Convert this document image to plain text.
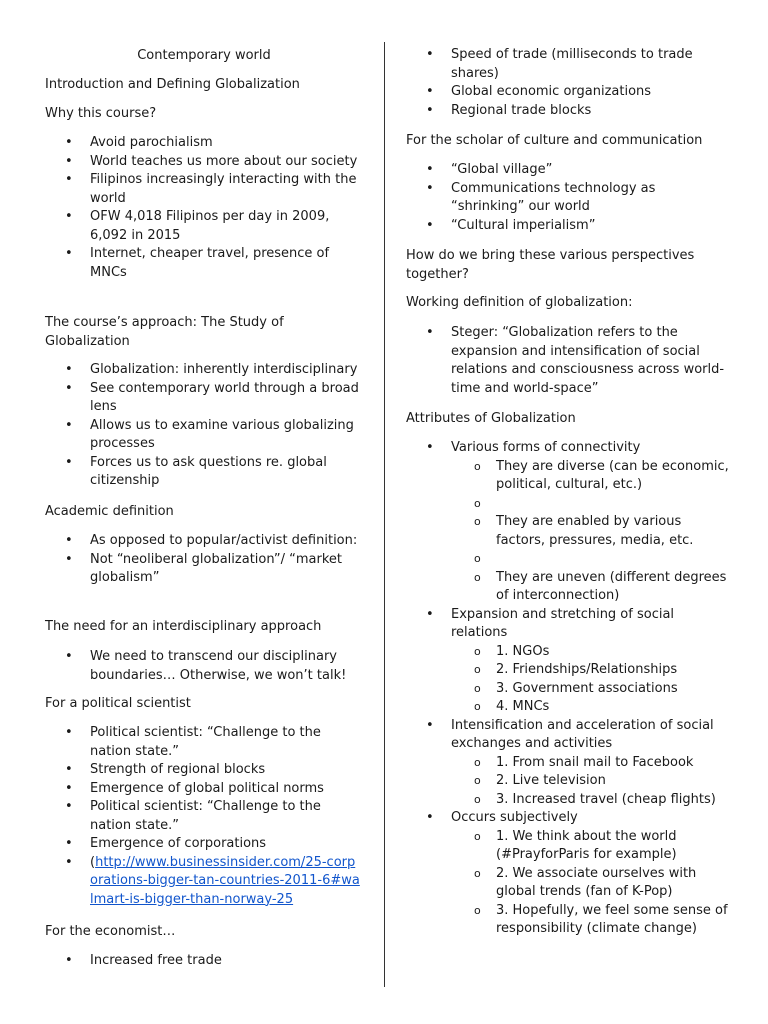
Contemporary world

Introduction and Defining Globalization

Why this course?

• Avoid parochialism
• World teaches us more about our society
• Filipinos increasingly interacting with the world
• OFW 4,018 Filipinos per day in 2009, 6,092 in 2015
• Internet, cheaper travel, presence of MNCs

The course’s approach: The Study of Globalization

• Globalization: inherently interdisciplinary
• See contemporary world through a broad lens
• Allows us to examine various globalizing processes
• Forces us to ask questions re. global citizenship

Academic definition

• As opposed to popular/activist definition:
• Not “neoliberal globalization”/ “market globalism”

The need for an interdisciplinary approach

• We need to transcend our disciplinary boundaries… Otherwise, we won’t talk!

For a political scientist

• Political scientist: “Challenge to the nation state.”
• Strength of regional blocks
• Emergence of global political norms
• Political scientist: “Challenge to the nation state.”
• Emergence of corporations
• (http://www.businessinsider.com/25-corporations-bigger-tan-countries-2011-6#walmart-is-bigger-than-norway-25

For the economist…

• Increased free trade
• Speed of trade (milliseconds to trade shares)
• Global economic organizations
• Regional trade blocks

For the scholar of culture and communication

• “Global village”
• Communications technology as “shrinking” our world
• “Cultural imperialism”

How do we bring these various perspectives together?

Working definition of globalization:

• Steger: “Globalization refers to the expansion and intensification of social relations and consciousness across world-time and world-space”

Attributes of Globalization

• Various forms of connectivity
o They are diverse (can be economic, political, cultural, etc.)
o
o They are enabled by various factors, pressures, media, etc.
o
o They are uneven (different degrees of interconnection)
• Expansion and stretching of social relations
o 1. NGOs
o 2. Friendships/Relationships
o 3. Government associations
o 4. MNCs
• Intensification and acceleration of social exchanges and activities
o 1. From snail mail to Facebook
o 2. Live television
o 3. Increased travel (cheap flights)
• Occurs subjectively
o 1. We think about the world (#PrayforParis for example)
o 2. We associate ourselves with global trends (fan of K-Pop)
o 3. Hopefully, we feel some sense of responsibility (climate change)
